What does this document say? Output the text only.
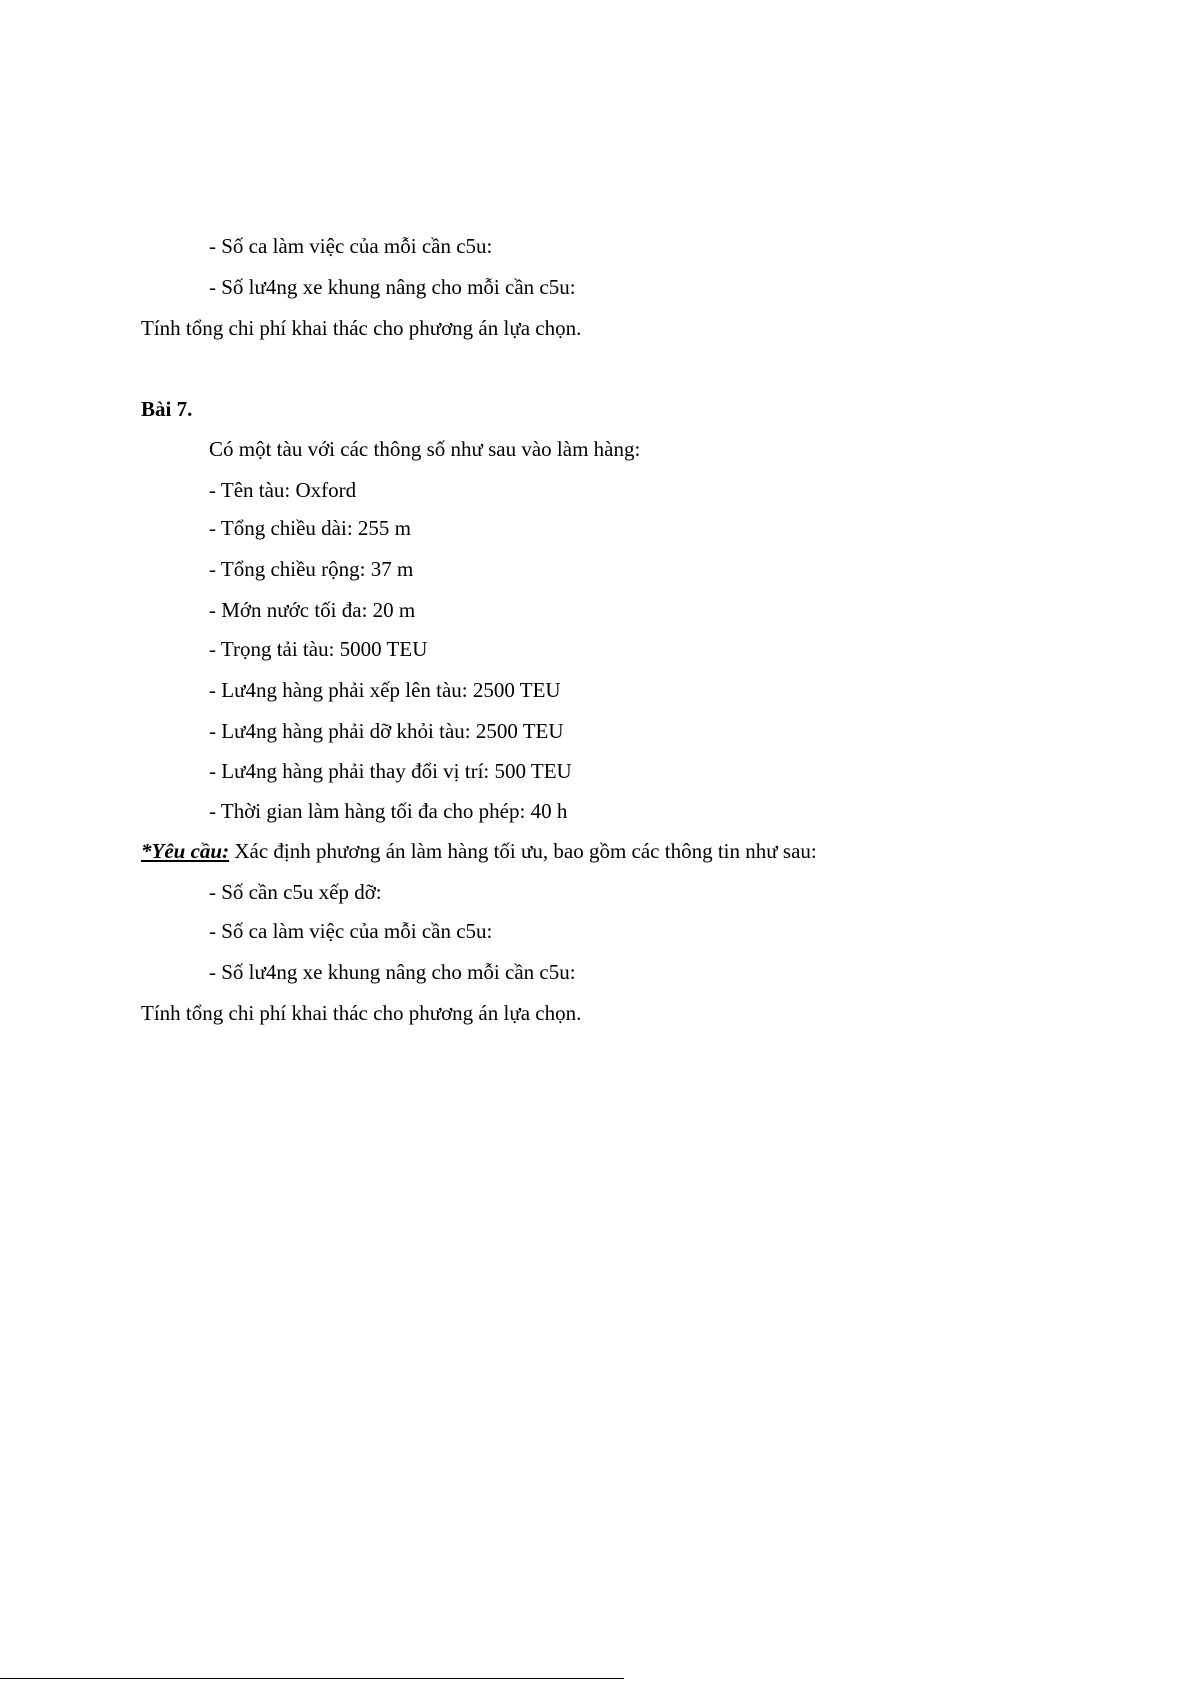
- Số ca làm việc của mỗi cần c5u:
- Số lư4ng xe khung nâng cho mỗi cần c5u:
Tính tổng chi phí khai thác cho phương án lựa chọn.
Bài 7.
Có một tàu với các thông số như sau vào làm hàng:
- Tên tàu: Oxford
- Tổng chiều dài: 255 m
- Tổng chiều rộng: 37 m
- Mớn nước tối đa: 20 m
- Trọng tải tàu: 5000 TEU
- Lư4ng hàng phải xếp lên tàu: 2500 TEU
- Lư4ng hàng phải dỡ khỏi tàu: 2500 TEU
- Lư4ng hàng phải thay đổi vị trí: 500 TEU
- Thời gian làm hàng tối đa cho phép: 40 h
*Yêu cầu: Xác định phương án làm hàng tối ưu, bao gồm các thông tin như sau:
- Số cần c5u xếp dỡ:
- Số ca làm việc của mỗi cần c5u:
- Số lư4ng xe khung nâng cho mỗi cần c5u:
Tính tổng chi phí khai thác cho phương án lựa chọn.
